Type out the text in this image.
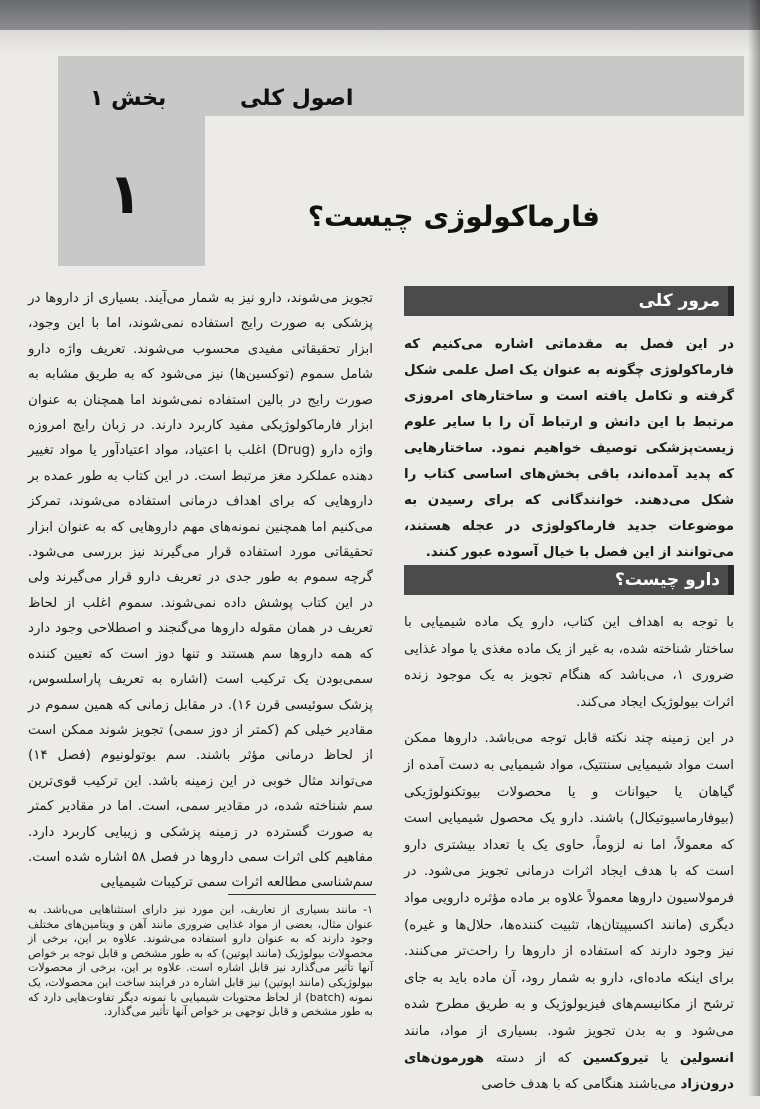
اصول کلی
بخش ۱
۱	فارماکولوژی چیست؟

تجویز می‌شوند، دارو نیز به شمار می‌آیند. بسیاری از داروها در پزشکی به صورت رایج استفاده نمی‌شوند، اما با این وجود، ابزار تحقیقاتی مفیدی محسوب می‌شوند. تعریف واژه دارو شامل سموم (توکسین‌ها) نیز می‌شود که به طریق مشابه به صورت رایج در بالین استفاده نمی‌شوند اما همچنان به عنوان ابزار فارماکولوژیکی مفید کاربرد دارند. در زبان رایج امروزه واژه دارو (Drug) اغلب با اعتیاد، مواد اعتیادآور یا مواد تغییر دهنده عملکرد مغز مرتبط است. در این کتاب به طور عمده بر داروهایی که برای اهداف درمانی استفاده می‌شوند، تمرکز می‌کنیم اما همچنین نمونه‌های مهم داروهایی که به عنوان ابزار تحقیقاتی مورد استفاده قرار می‌گیرند نیز بررسی می‌شود. گرچه سموم به طور جدی در تعریف دارو قرار می‌گیرند ولی در این کتاب پوشش داده نمی‌شوند. سموم اغلب از لحاظ تعریف در همان مقوله داروها می‌گنجند و اصطلاحی وجود دارد که همه داروها سم هستند و تنها دوز است که تعیین کننده سمی‌بودن یک ترکیب است (اشاره به تعریف پاراسلسوس، پزشک سوئیسی قرن ۱۶). در مقابل زمانی که همین سموم در مقادیر خیلی کم (کمتر از دوز سمی) تجویز شوند ممکن است از لحاظ درمانی مؤثر باشند. سم بوتولونیوم (فصل ۱۴) می‌تواند مثال خوبی در این زمینه باشد. این ترکیب قوی‌ترین سم شناخته شده، در مقادیر سمی، است. اما در مقادیر کمتر به صورت گسترده در زمینه پزشکی و زیبایی کاربرد دارد. مفاهیم کلی اثرات سمی داروها در فصل ۵۸ اشاره شده است. سم‌شناسی مطالعه اثرات سمی ترکیبات شیمیایی

۱- مانند بسیاری از تعاریف، این مورد نیز دارای استثناهایی می‌باشد. به عنوان مثال، بعضی از مواد غذایی ضروری مانند آهن و ویتامین‌های مختلف وجود دارند که به عنوان دارو استفاده می‌شوند. علاوه بر این، برخی از محصولات بیولوژیک (مانند اپوتین) که به طور مشخص و قابل توجه بر خواص آنها تأثیر می‌گذارد نیز قابل اشاره است. علاوه بر این، برخی از محصولات بیولوژیکی (مانند اپوتین) نیز قابل اشاره در فرایند ساخت این محصولات، یک نمونه (batch) از لحاظ محتویات شیمیایی با نمونه دیگر تفاوت‌هایی دارد که به طور مشخص و قابل توجهی بر خواص آنها تأثیر می‌گذارد.
مرور کلی

در این فصل به مقدماتی اشاره می‌کنیم که فارماکولوژی چگونه به عنوان یک اصل علمی شکل گرفته و تکامل یافته است و ساختارهای امروزی مرتبط با این دانش و ارتباط آن را با سایر علوم زیست‌پزشکی توصیف خواهیم نمود. ساختارهایی که پدید آمده‌اند، باقی بخش‌های اساسی کتاب را شکل می‌دهند. خوانندگانی که برای رسیدن به موضوعات جدید فارماکولوژی در عجله هستند، می‌توانند از این فصل با خیال آسوده عبور کنند.

دارو چیست؟

با توجه به اهداف این کتاب، دارو یک ماده شیمیایی با ساختار شناخته شده، به غیر از یک ماده مغذی یا مواد غذایی ضروری ۱، می‌باشد که هنگام تجویز به یک موجود زنده اثرات بیولوژیک ایجاد می‌کند.

در این زمینه چند نکته قابل توجه می‌باشد. داروها ممکن است مواد شیمیایی سنتتیک، مواد شیمیایی به دست آمده از گیاهان یا حیوانات و یا محصولات بیوتکنولوژیکی (بیوفارماسیوتیکال) باشند. دارو یک محصول شیمیایی است که معمولاً، اما نه لزوماً، حاوی یک یا تعداد بیشتری دارو است که با هدف ایجاد اثرات درمانی تجویز می‌شود. در فرمولاسیون داروها معمولاً علاوه بر ماده مؤثره دارویی مواد دیگری (مانند اکسیپیتان‌ها، تثبیت کننده‌ها، حلال‌ها و غیره) نیز وجود دارند که استفاده از داروها را راحت‌تر می‌کنند. برای اینکه ماده‌ای، دارو به شمار رود، آن ماده باید به جای ترشح از مکانیسم‌های فیزیولوژیک و به طریق مطرح شده می‌شود و به بدن تجویز شود. بسیاری از مواد، مانند انسولین یا تیروکسین که از دسته هورمون‌های درون‌زاد می‌باشند هنگامی که با هدف خاصی
